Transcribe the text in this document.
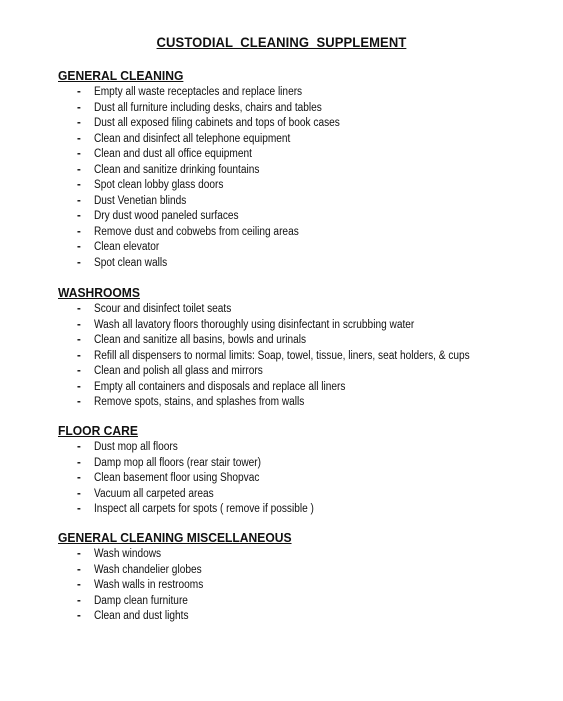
CUSTODIAL CLEANING SUPPLEMENT
GENERAL CLEANING
- Empty all waste receptacles and replace liners
- Dust all furniture including desks, chairs and tables
- Dust all exposed filing cabinets and tops of book cases
- Clean and disinfect all telephone equipment
- Clean and dust all office equipment
- Clean and sanitize drinking fountains
- Spot clean lobby glass doors
- Dust Venetian blinds
- Dry dust wood paneled surfaces
- Remove dust and cobwebs from ceiling areas
- Clean elevator
- Spot clean walls
WASHROOMS
- Scour and disinfect toilet seats
- Wash all lavatory floors thoroughly using disinfectant in scrubbing water
- Clean and sanitize all basins, bowls and urinals
- Refill all dispensers to normal limits: Soap, towel, tissue, liners, seat holders, & cups
- Clean and polish all glass and mirrors
- Empty all containers and disposals and replace all liners
- Remove spots, stains, and splashes from walls
FLOOR CARE
- Dust mop all floors
- Damp mop all floors (rear stair tower)
- Clean basement floor using Shopvac
- Vacuum all carpeted areas
- Inspect all carpets for spots ( remove if possible )
GENERAL CLEANING MISCELLANEOUS
- Wash windows
- Wash chandelier globes
- Wash walls in restrooms
- Damp clean furniture
- Clean and dust lights
